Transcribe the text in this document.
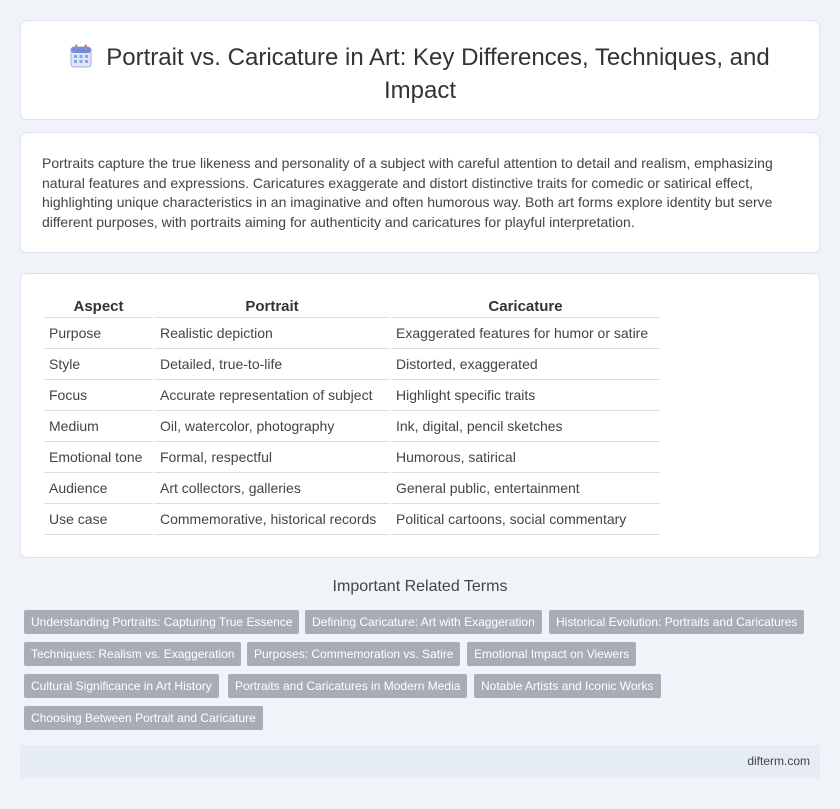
Portrait vs. Caricature in Art: Key Differences, Techniques, and Impact

Portraits capture the true likeness and personality of a subject with careful attention to detail and realism, emphasizing natural features and expressions. Caricatures exaggerate and distort distinctive traits for comedic or satirical effect, highlighting unique characteristics in an imaginative and often humorous way. Both art forms explore identity but serve different purposes, with portraits aiming for authenticity and caricatures for playful interpretation.

Aspect	Portrait	Caricature
Purpose	Realistic depiction	Exaggerated features for humor or satire
Style	Detailed, true-to-life	Distorted, exaggerated
Focus	Accurate representation of subject	Highlight specific traits
Medium	Oil, watercolor, photography	Ink, digital, pencil sketches
Emotional tone	Formal, respectful	Humorous, satirical
Audience	Art collectors, galleries	General public, entertainment
Use case	Commemorative, historical records	Political cartoons, social commentary
Important Related Terms
Understanding Portraits: Capturing True Essence	Defining Caricature: Art with Exaggeration	Historical Evolution: Portraits and Caricatures
Techniques: Realism vs. Exaggeration	Purposes: Commemoration vs. Satire	Emotional Impact on Viewers
Cultural Significance in Art History	Portraits and Caricatures in Modern Media	Notable Artists and Iconic Works
Choosing Between Portrait and Caricature
difterm.com
